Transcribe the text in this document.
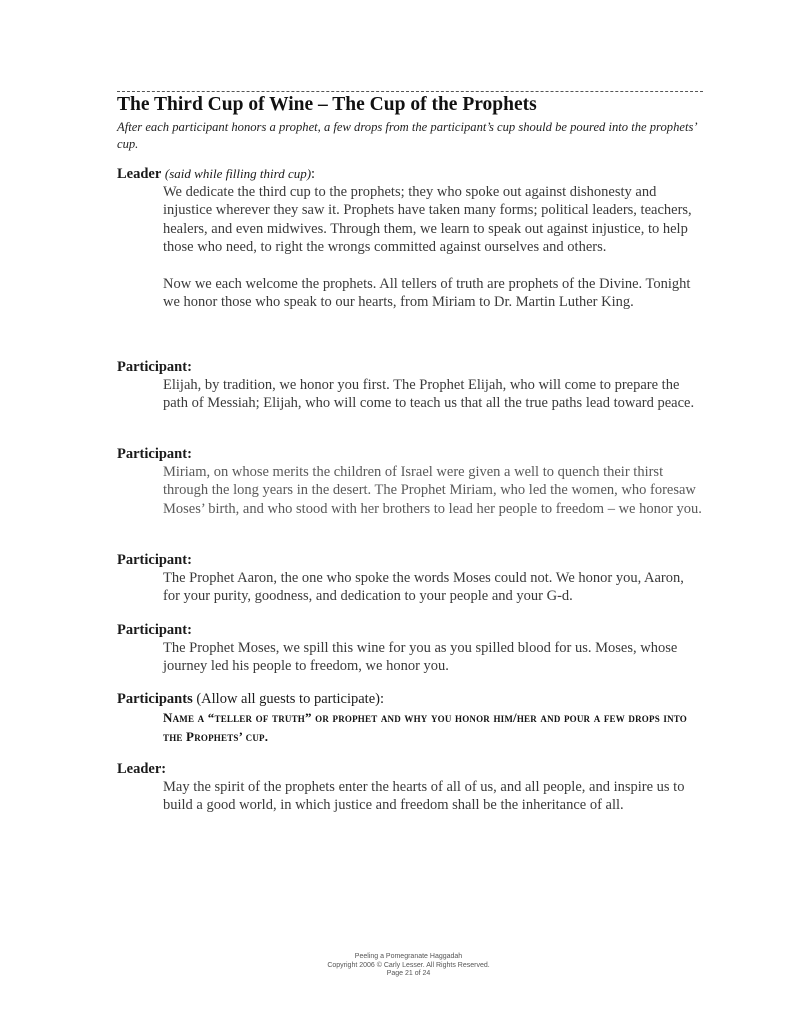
The Third Cup of Wine – The Cup of the Prophets

After each participant honors a prophet, a few drops from the participant’s cup should be poured into the prophets’ cup.

Leader (said while filling third cup):

We dedicate the third cup to the prophets; they who spoke out against dishonesty and injustice wherever they saw it. Prophets have taken many forms; political leaders, teachers, healers, and even midwives. Through them, we learn to speak out against injustice, to help those who need, to right the wrongs committed against ourselves and others.

Now we each welcome the prophets. All tellers of truth are prophets of the Divine. Tonight we honor those who speak to our hearts, from Miriam to Dr. Martin Luther King.

Participant:

Elijah, by tradition, we honor you first. The Prophet Elijah, who will come to prepare the path of Messiah; Elijah, who will come to teach us that all the true paths lead toward peace.

Participant:

Miriam, on whose merits the children of Israel were given a well to quench their thirst through the long years in the desert. The Prophet Miriam, who led the women, who foresaw Moses’ birth, and who stood with her brothers to lead her people to freedom – we honor you.

Participant:

The Prophet Aaron, the one who spoke the words Moses could not. We honor you, Aaron, for your purity, goodness, and dedication to your people and your G-d.

Participant:

The Prophet Moses, we spill this wine for you as you spilled blood for us. Moses, whose journey led his people to freedom, we honor you.

Participants (Allow all guests to participate):

Name a “teller of truth” or prophet and why you honor him/her and pour a few drops into the Prophets’ cup.

Leader:

May the spirit of the prophets enter the hearts of all of us, and all people, and inspire us to build a good world, in which justice and freedom shall be the inheritance of all.

Peeling a Pomegranate Haggadah
Copyright 2006 © Carly Lesser. All Rights Reserved.
Page 21 of 24
